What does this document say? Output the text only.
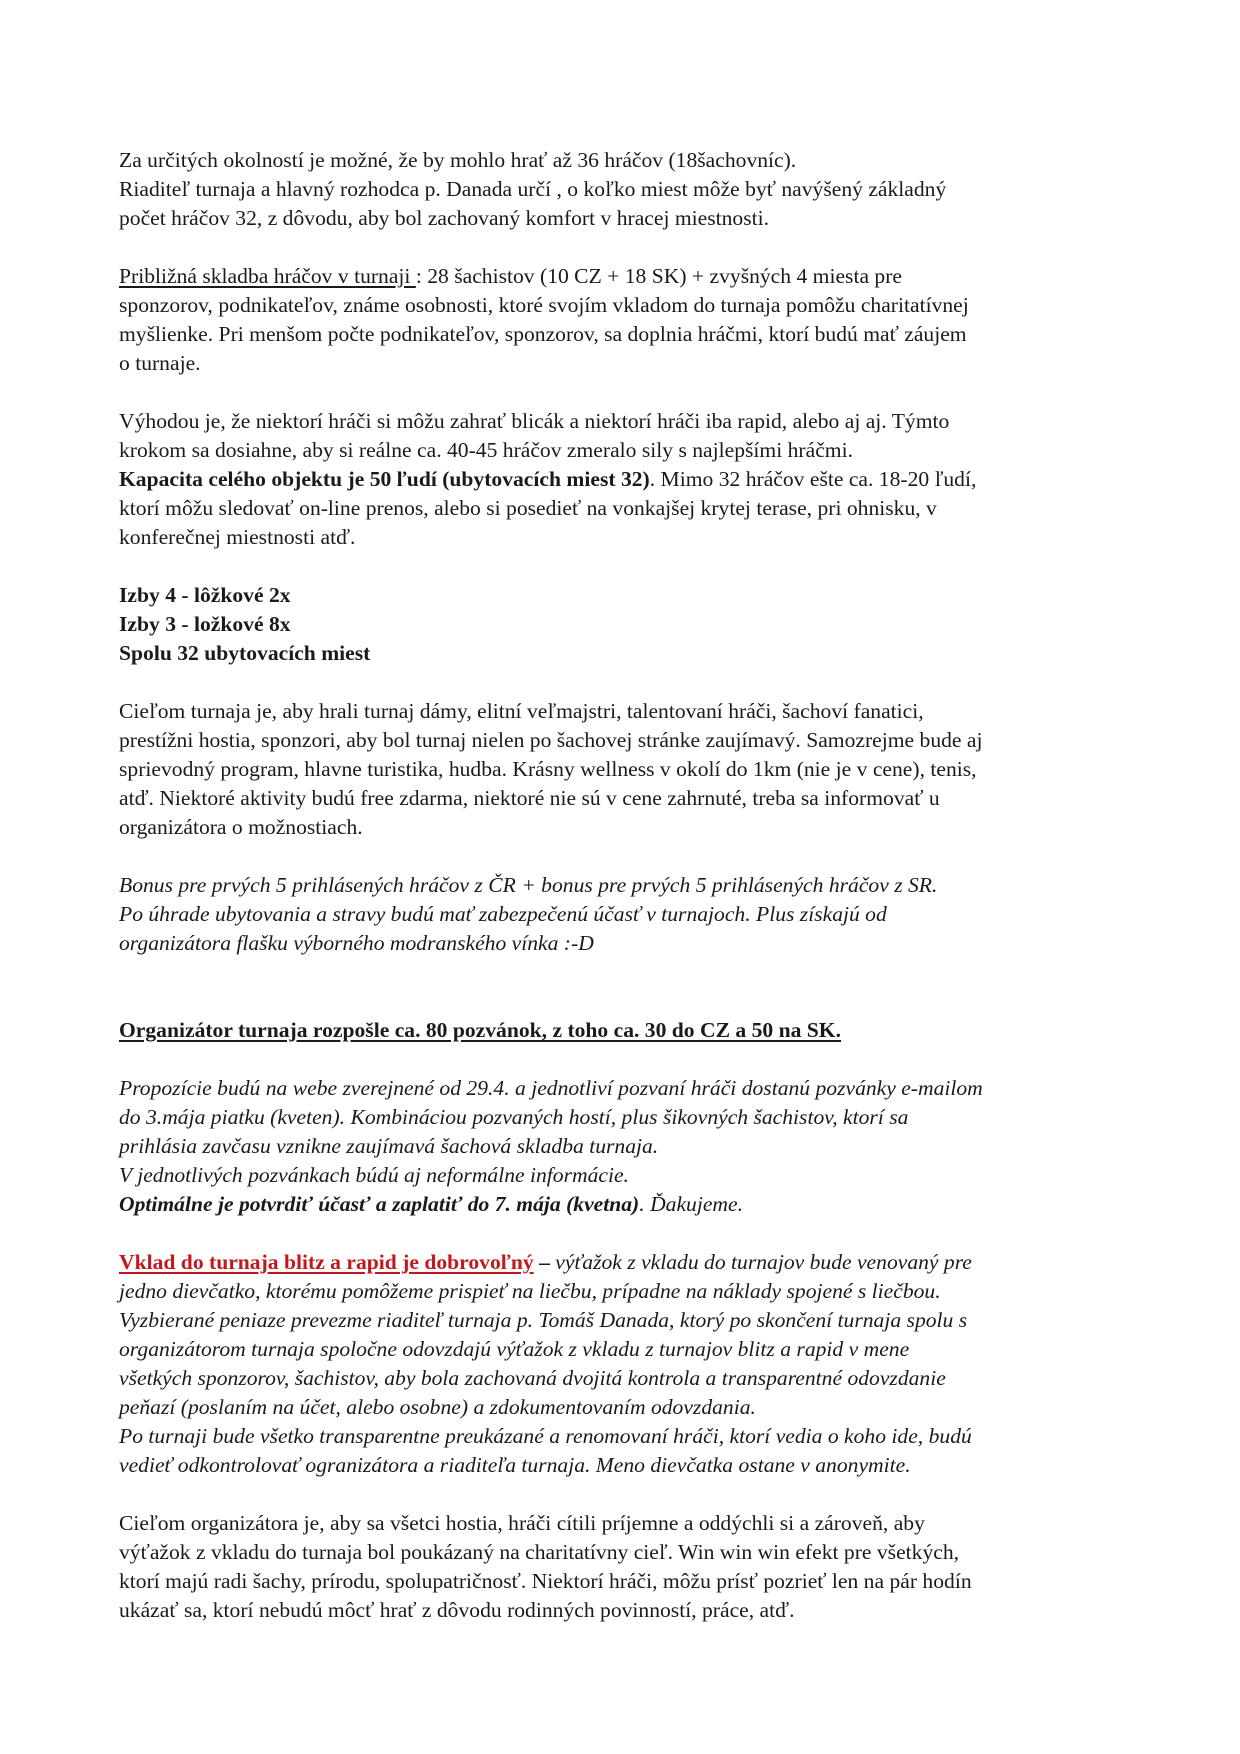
Za určitých okolností je možné, že by mohlo hrať až 36 hráčov (18šachovníc).
Riaditeľ turnaja a hlavný rozhodca p. Danada určí , o koľko miest môže byť navýšený základný
počet hráčov 32, z dôvodu, aby bol zachovaný komfort v hracej miestnosti.
Približná skladba hráčov v turnaji : 28 šachistov (10 CZ + 18 SK) + zvyšných 4 miesta pre
sponzorov, podnikateľov, známe osobnosti, ktoré svojím vkladom do turnaja pomôžu charitatívnej
myšlienke. Pri menšom počte podnikateľov, sponzorov, sa doplnia hráčmi, ktorí budú mať záujem
o turnaje.
Výhodou je, že niektorí hráči si môžu zahrať blicák a niektorí hráči iba rapid, alebo aj aj. Týmto
krokom sa dosiahne, aby si reálne ca. 40-45 hráčov zmeralo sily s najlepšími hráčmi.
Kapacita celého objektu je 50 ľudí (ubytovacích miest 32). Mimo 32 hráčov ešte ca. 18-20 ľudí,
ktorí môžu sledovať on-line prenos, alebo si posedieť na vonkajšej krytej terase, pri ohnisku, v
konferečnej miestnosti atď.
Izby 4 - lôžkové 2x
Izby 3 - ložkové 8x
Spolu 32 ubytovacích miest
Cieľom turnaja je, aby hrali turnaj dámy, elitní veľmajstri, talentovaní hráči, šachoví fanatici,
prestížni hostia, sponzori, aby bol turnaj nielen po šachovej stránke zaujímavý. Samozrejme bude aj
sprievodný program, hlavne turistika, hudba. Krásny wellness v okolí do 1km (nie je v cene), tenis,
atď. Niektoré aktivity budú free zdarma, niektoré nie sú v cene zahrnuté, treba sa informovať u
organizátora o možnostiach.
Bonus pre prvých 5 prihlásených hráčov z ČR + bonus pre prvých 5 prihlásených hráčov z SR.
Po úhrade ubytovania a stravy budú mať zabezpečenú účasť v turnajoch. Plus získajú od
organizátora flašku výborného modranského vínka :-D
Organizátor turnaja rozpošle ca. 80 pozvánok, z toho ca. 30 do CZ a 50 na SK.
Propozície budú na webe zverejnené od 29.4. a jednotliví pozvaní hráči dostanú pozvánky e-mailom
do 3.mája piatku (kveten). Kombináciou pozvaných hostí, plus šikovných šachistov, ktorí sa
prihlásia zavčasu vznikne zaujímavá šachová skladba turnaja.
V jednotlivých pozvánkach búdú aj neformálne informácie.
Optimálne je potvrdiť účasť a zaplatiť do 7. mája (kvetna). Ďakujeme.
Vklad do turnaja blitz a rapid je dobrovoľný – výťažok z vkladu do turnajov bude venovaný pre
jedno dievčatko, ktorému pomôžeme prispieť na liečbu, prípadne na náklady spojené s liečbou.
Vyzbierané peniaze prevezme riaditeľ turnaja p. Tomáš Danada, ktorý po skončení turnaja spolu s
organizátorom turnaja spoločne odovzdajú výťažok z vkladu z turnajov blitz a rapid v mene
všetkých sponzorov, šachistov, aby bola zachovaná dvojitá kontrola a transparentné odovzdanie
peňazí (poslaním na účet, alebo osobne) a zdokumentovaním odovzdania.
Po turnaji bude všetko transparentne preukázané a renomovaní hráči, ktorí vedia o koho ide, budú
vedieť odkontrolovať ogranizátora a riaditeľa turnaja. Meno dievčatka ostane v anonymite.
Cieľom organizátora je, aby sa všetci hostia, hráči cítili príjemne a oddýchli si a zároveň, aby
výťažok z vkladu do turnaja bol poukázaný na charitatívny cieľ. Win win win efekt pre všetkých,
ktorí majú radi šachy, prírodu, spolupatričnosť. Niektorí hráči, môžu prísť pozrieť len na pár hodín
ukázať sa, ktorí nebudú môcť hrať z dôvodu rodinných povinností, práce, atď.
